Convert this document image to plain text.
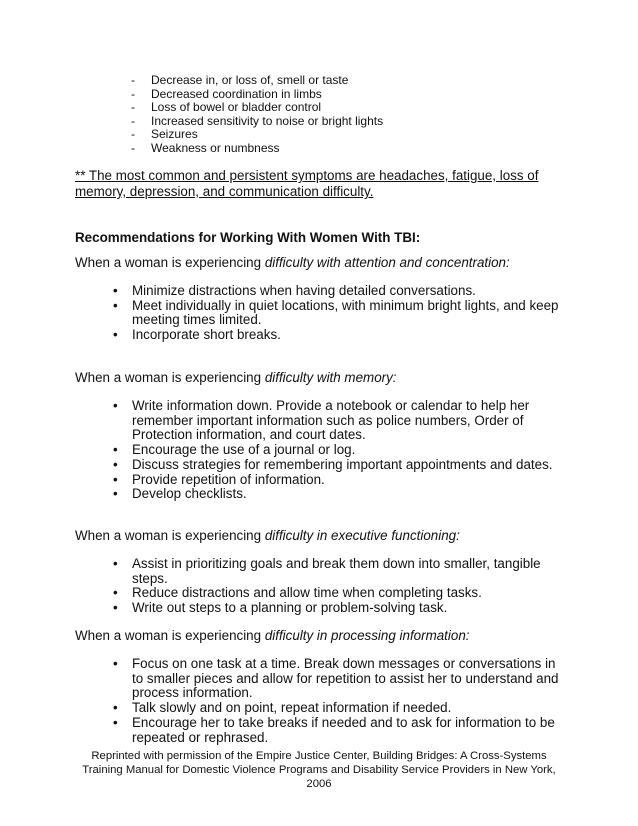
- Decrease in, or loss of, smell or taste
- Decreased coordination in limbs
- Loss of bowel or bladder control
- Increased sensitivity to noise or bright lights
- Seizures
- Weakness or numbness

** The most common and persistent symptoms are headaches, fatigue, loss of memory, depression, and communication difficulty.

Recommendations for Working With Women With TBI:

When a woman is experiencing difficulty with attention and concentration:

• Minimize distractions when having detailed conversations.
• Meet individually in quiet locations, with minimum bright lights, and keep meeting times limited.
• Incorporate short breaks.

When a woman is experiencing difficulty with memory:

• Write information down. Provide a notebook or calendar to help her remember important information such as police numbers, Order of Protection information, and court dates.
• Encourage the use of a journal or log.
• Discuss strategies for remembering important appointments and dates.
• Provide repetition of information.
• Develop checklists.

When a woman is experiencing difficulty in executive functioning:

• Assist in prioritizing goals and break them down into smaller, tangible steps.
• Reduce distractions and allow time when completing tasks.
• Write out steps to a planning or problem-solving task.

When a woman is experiencing difficulty in processing information:

• Focus on one task at a time. Break down messages or conversations in to smaller pieces and allow for repetition to assist her to understand and process information.
• Talk slowly and on point, repeat information if needed.
• Encourage her to take breaks if needed and to ask for information to be repeated or rephrased.

Reprinted with permission of the Empire Justice Center, Building Bridges: A Cross-Systems Training Manual for Domestic Violence Programs and Disability Service Providers in New York, 2006
